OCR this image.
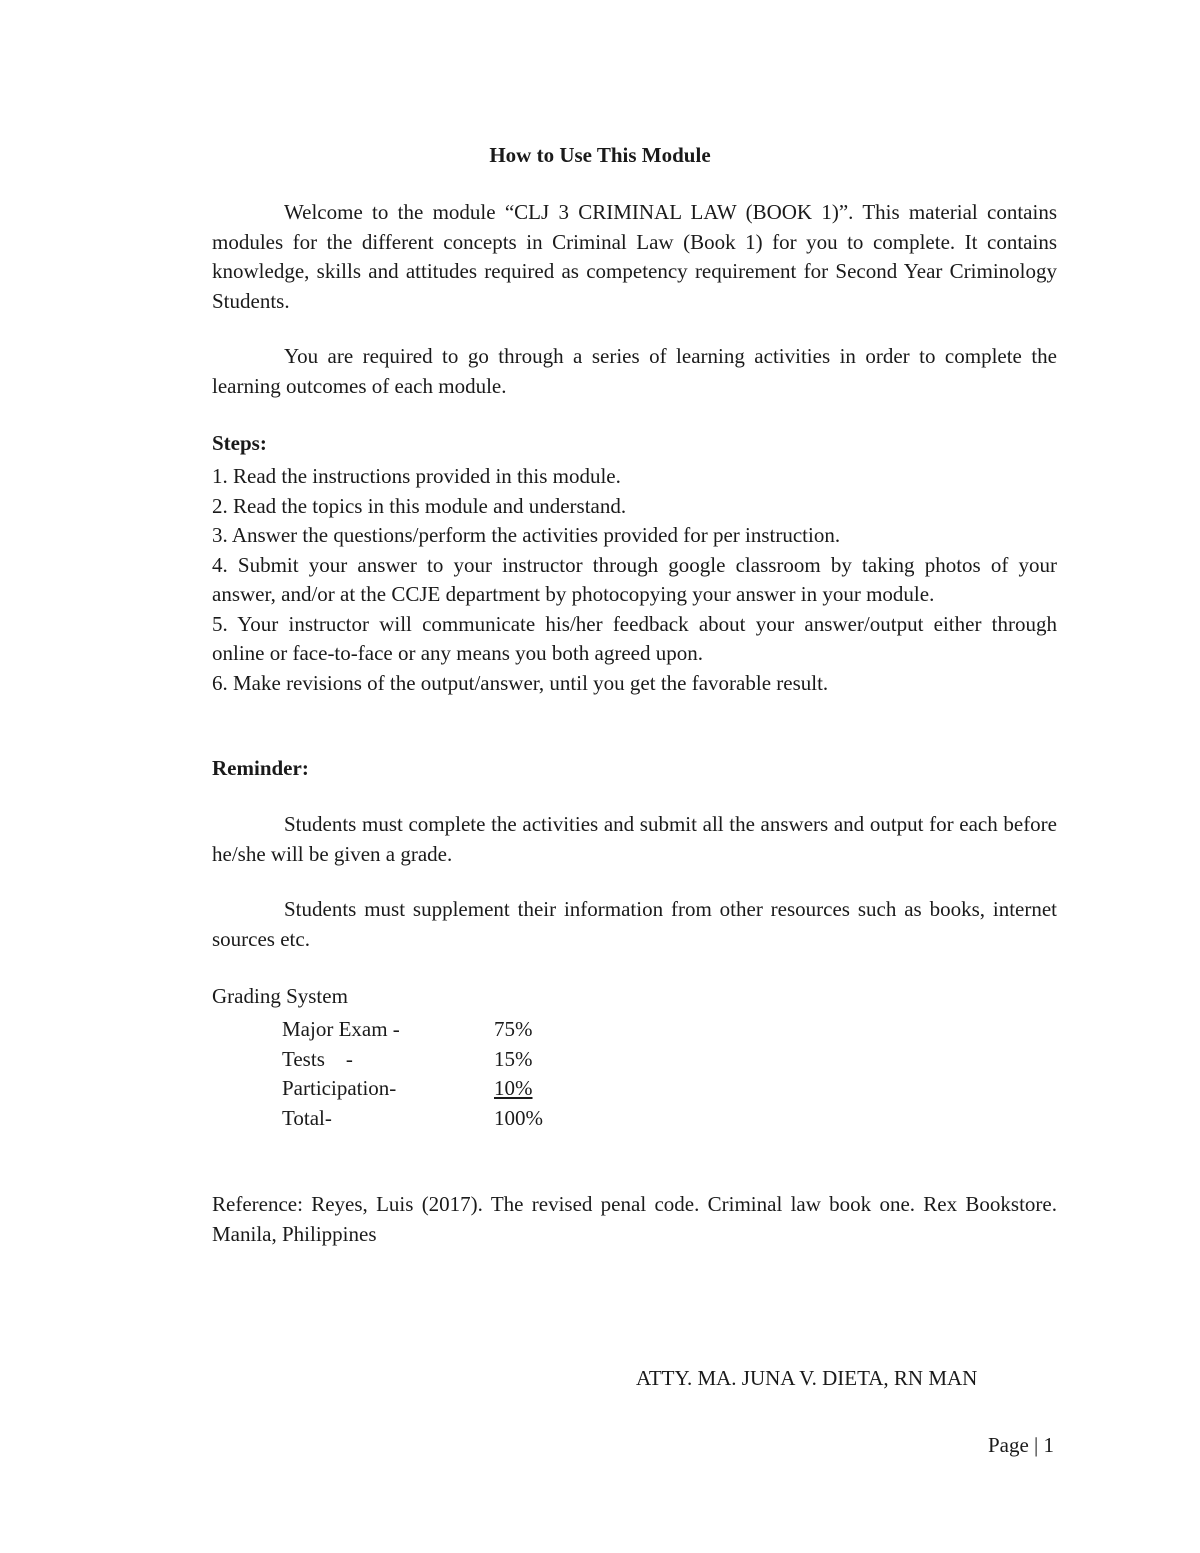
How to Use This Module

Welcome to the module “CLJ 3 CRIMINAL LAW (BOOK 1)”. This material contains modules for the different concepts in Criminal Law (Book 1) for you to complete. It contains knowledge, skills and attitudes required as competency requirement for Second Year Criminology Students.

You are required to go through a series of learning activities in order to complete the learning outcomes of each module.

Steps:

1. Read the instructions provided in this module.

2. Read the topics in this module and understand.

3. Answer the questions/perform the activities provided for per instruction.

4. Submit your answer to your instructor through google classroom by taking photos of your answer, and/or at the CCJE department by photocopying your answer in your module.

5. Your instructor will communicate his/her feedback about your answer/output either through online or face-to-face or any means you both agreed upon.

6. Make revisions of the output/answer, until you get the favorable result.

Reminder:

Students must complete the activities and submit all the answers and output for each before he/she will be given a grade.

Students must supplement their information from other resources such as books, internet sources etc.

Grading System
Major Exam -	75%
Tests    -	15%
Participation-	10%
Total-	100%

Reference: Reyes, Luis (2017). The revised penal code. Criminal law book one. Rex Bookstore. Manila, Philippines

ATTY. MA. JUNA V. DIETA, RN MAN
Page | 1
